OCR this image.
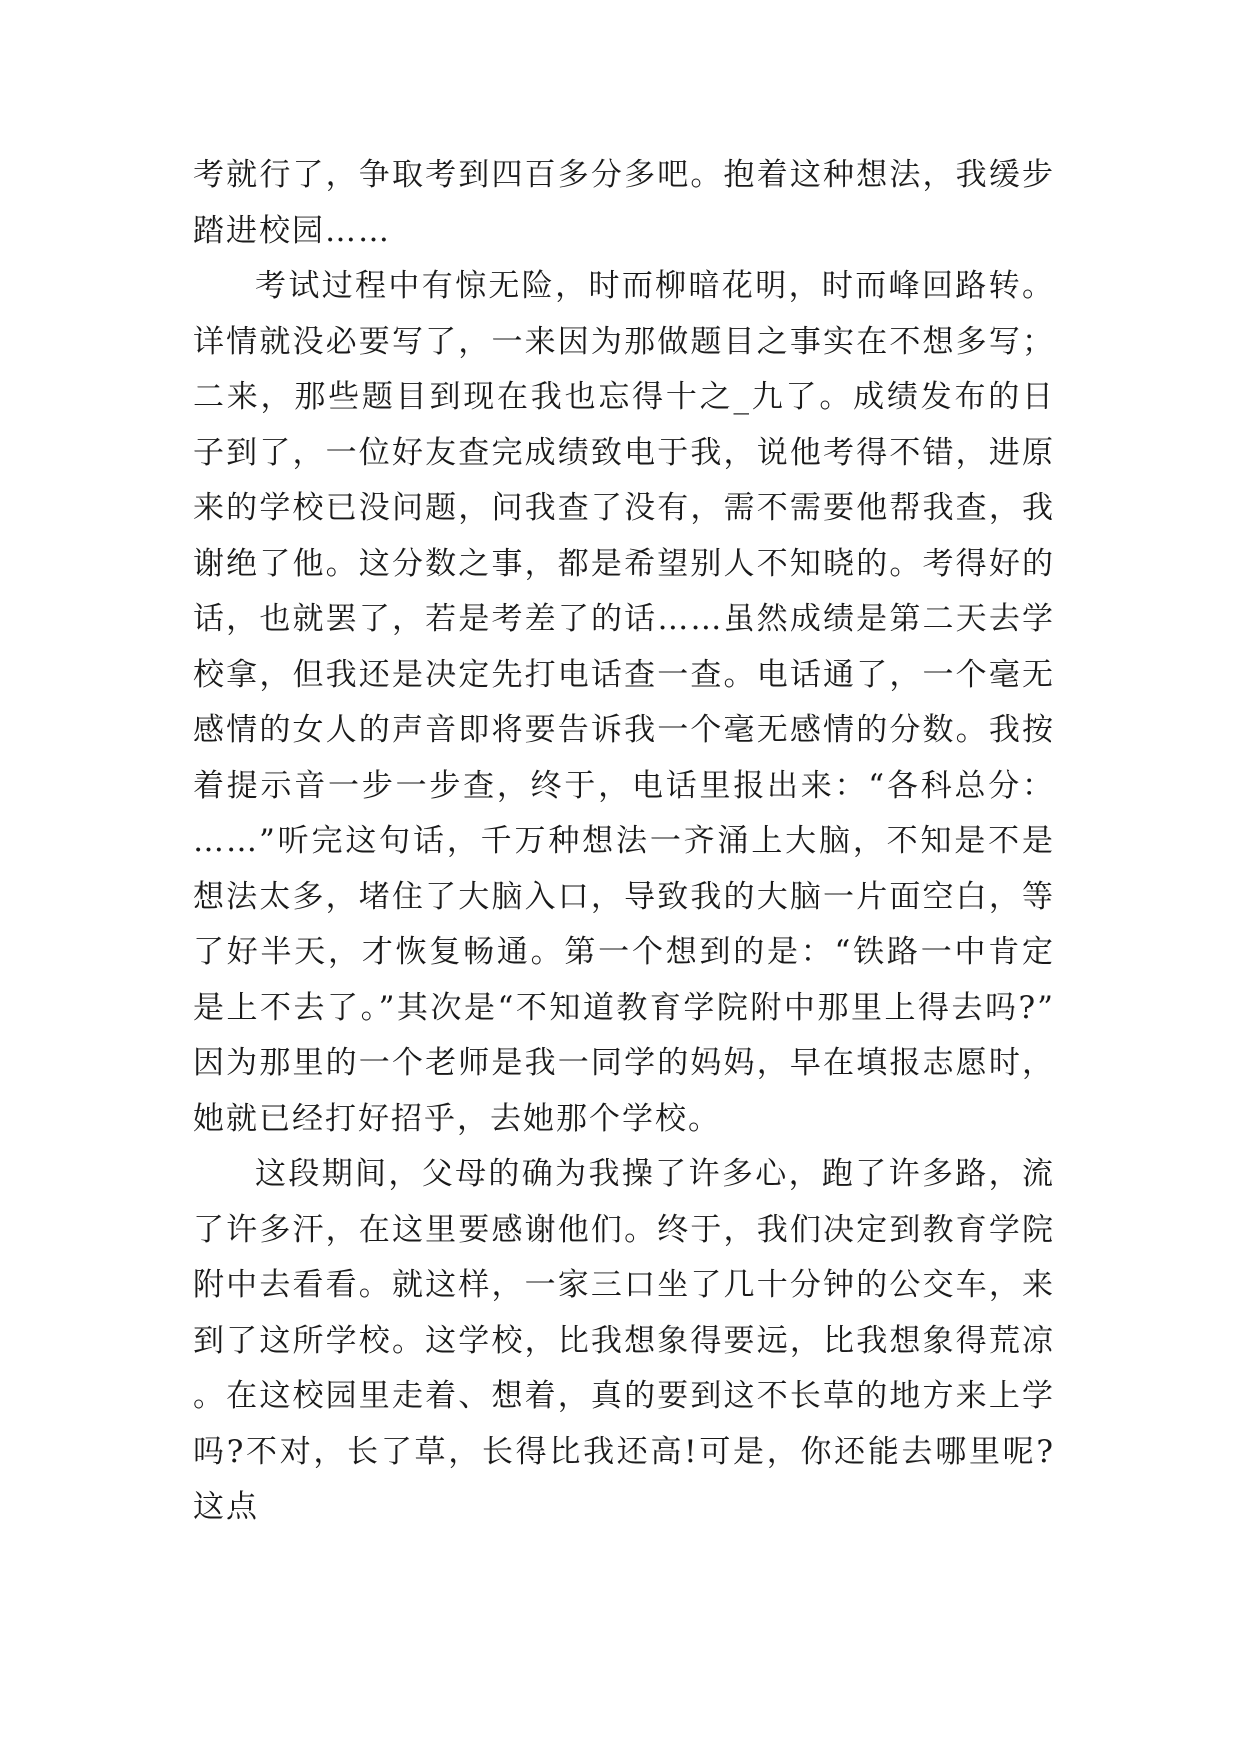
考就行了，争取考到四百多分多吧。抱着这种想法，我缓步踏进校园……

考试过程中有惊无险，时而柳暗花明，时而峰回路转。详情就没必要写了，一来因为那做题目之事实在不想多写；二来，那些题目到现在我也忘得十之_九了。成绩发布的日子到了，一位好友查完成绩致电于我，说他考得不错，进原来的学校已没问题，问我查了没有，需不需要他帮我查，我谢绝了他。这分数之事，都是希望别人不知晓的。考得好的话，也就罢了，若是考差了的话……虽然成绩是第二天去学校拿，但我还是决定先打电话查一查。电话通了，一个毫无感情的女人的声音即将要告诉我一个毫无感情的分数。我按着提示音一步一步查，终于，电话里报出来：“各科总分：……”听完这句话，千万种想法一齐涌上大脑，不知是不是想法太多，堵住了大脑入口，导致我的大脑一片面空白，等了好半天，才恢复畅通。第一个想到的是：“铁路一中肯定是上不去了。”其次是“不知道教育学院附中那里上得去吗?”因为那里的一个老师是我一同学的妈妈，早在填报志愿时，她就已经打好招乎，去她那个学校。

这段期间，父母的确为我操了许多心，跑了许多路，流了许多汗，在这里要感谢他们。终于，我们决定到教育学院附中去看看。就这样，一家三口坐了几十分钟的公交车，来到了这所学校。这学校，比我想象得要远，比我想象得荒凉。在这校园里走着、想着，真的要到这不长草的地方来上学吗?不对，长了草，长得比我还高!可是，你还能去哪里呢?这点
